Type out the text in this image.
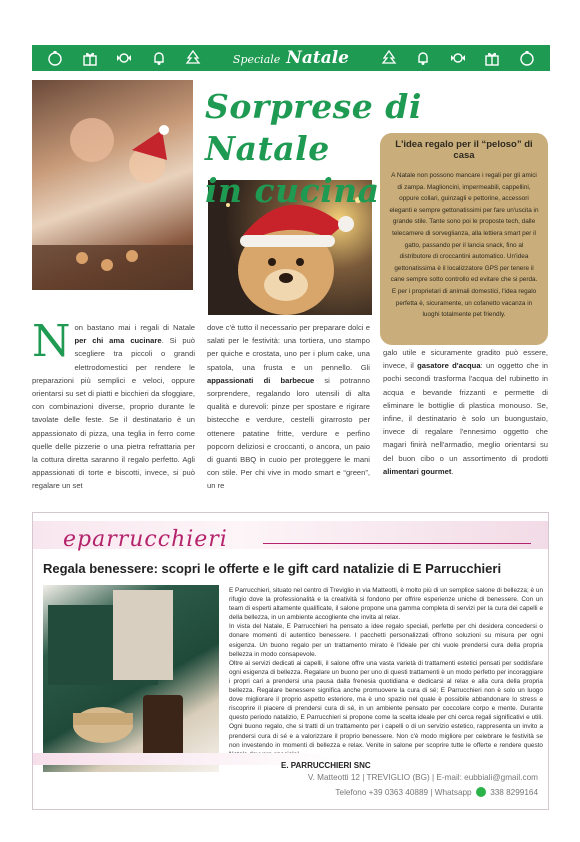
Speciale Natale
Sorprese di Natale
in cucina
L'idea regalo per il “peloso” di casa

A Natale non possono mancare i regali per gli amici di zampa. Maglioncini, impermeabili, cappellini, oppure collari, guinzagli e pettorine, accessori eleganti e sempre gettonatissimi per fare un'uscita in grande stile. Tante sono poi le proposte tech, dalle telecamere di sorveglianza, alla lettiera smart per il gatto, passando per il lancia snack, fino al distributore di croccantini automatico. Un'idea gettonatissima è il localizzatore GPS per tenere il cane sempre sotto controllo ed evitare che si perda. E per i proprietari di animali domestici, l'idea regalo perfetta è, sicuramente, un cofanetto vacanza in luoghi totalmente pet friendly.

Non bastano mai i regali di Natale per chi ama cucinare. Si può scegliere tra piccoli o grandi elettrodomestici per rendere le preparazioni più semplici e veloci, oppure orientarsi su set di piatti e bicchieri da sfoggiare, con combinazioni diverse, proprio durante le tavolate delle feste. Se il destinatario è un appassionato di pizza, una teglia in ferro come quelle delle pizzerie o una pietra refrattaria per la cottura diretta saranno il regalo perfetto. Agli appassionati di torte e biscotti, invece, si può regalare un set
dove c'è tutto il necessario per preparare dolci e salati per le festività: una tortiera, uno stampo per quiche e crostata, uno per i plum cake, una spatola, una frusta e un pennello. Gli appassionati di barbecue si potranno sorprendere, regalando loro utensili di alta qualità e durevoli: pinze per spostare e rigirare bistecche e verdure, cestelli girarrosto per ottenere patatine fritte, verdure e perfino popcorn deliziosi e croccanti, o ancora, un paio di guanti BBQ in cuoio per proteggere le mani con stile. Per chi vive in modo smart e “green”, un re
galo utile e sicuramente gradito può essere, invece, il gasatore d'acqua: un oggetto che in pochi secondi trasforma l'acqua del rubinetto in acqua e bevande frizzanti e permette di eliminare le bottiglie di plastica monouso. Se, infine, il destinatario è solo un buongustaio, invece di regalare l'ennesimo oggetto che magari finirà nell'armadio, meglio orientarsi su del buon cibo o un assortimento di prodotti alimentari gourmet.
eparrucchieri
Regala benessere: scopri le offerte e le gift card natalizie di E Parrucchieri

E Parrucchieri, situato nel centro di Treviglio in via Matteotti, è molto più di un semplice salone di bellezza; è un rifugio dove la professionalità e la creatività si fondono per offrire esperienze uniche di benessere. Con un team di esperti altamente qualificate, il salone propone una gamma completa di servizi per la cura dei capelli e della bellezza, in un ambiente accogliente che invita al relax.

In vista del Natale, E Parrucchieri ha pensato a idee regalo speciali, perfette per chi desidera concedersi o donare momenti di autentico benessere. I pacchetti personalizzati offrono soluzioni su misura per ogni esigenza. Un buono regalo per un trattamento mirato è l'ideale per chi vuole prendersi cura della propria bellezza in modo consapevole.

Oltre ai servizi dedicati ai capelli, il salone offre una vasta varietà di trattamenti estetici pensati per soddisfare ogni esigenza di bellezza. Regalare un buono per uno di questi trattamenti è un modo perfetto per incoraggiare i propri cari a prendersi una pausa dalla frenesia quotidiana e dedicarsi al relax e alla cura della propria bellezza. Regalare benessere significa anche promuovere la cura di sé; E Parrucchieri non è solo un luogo dove migliorare il proprio aspetto esteriore, ma è uno spazio nel quale è possibile abbandonare lo stress e riscoprire il piacere di prendersi cura di sé, in un ambiente pensato per coccolare corpo e mente. Durante questo periodo natalizio, E Parrucchieri si propone come la scelta ideale per chi cerca regali significativi e utili. Ogni buono regalo, che si tratti di un trattamento per i capelli o di un servizio estetico, rappresenta un invito a prendersi cura di sé e a valorizzare il proprio benessere. Non c'è modo migliore per celebrare le festività se non investendo in momenti di bellezza e relax. Venite in salone per scoprire tutte le offerte e rendere questo

E. PARRUCCHIERI SNC
V. Matteotti 12 | TREVIGLIO (BG) | E-mail: eubbiali@gmail.com
Telefono +39 0363 40889 | Whatsapp 338 8299164
